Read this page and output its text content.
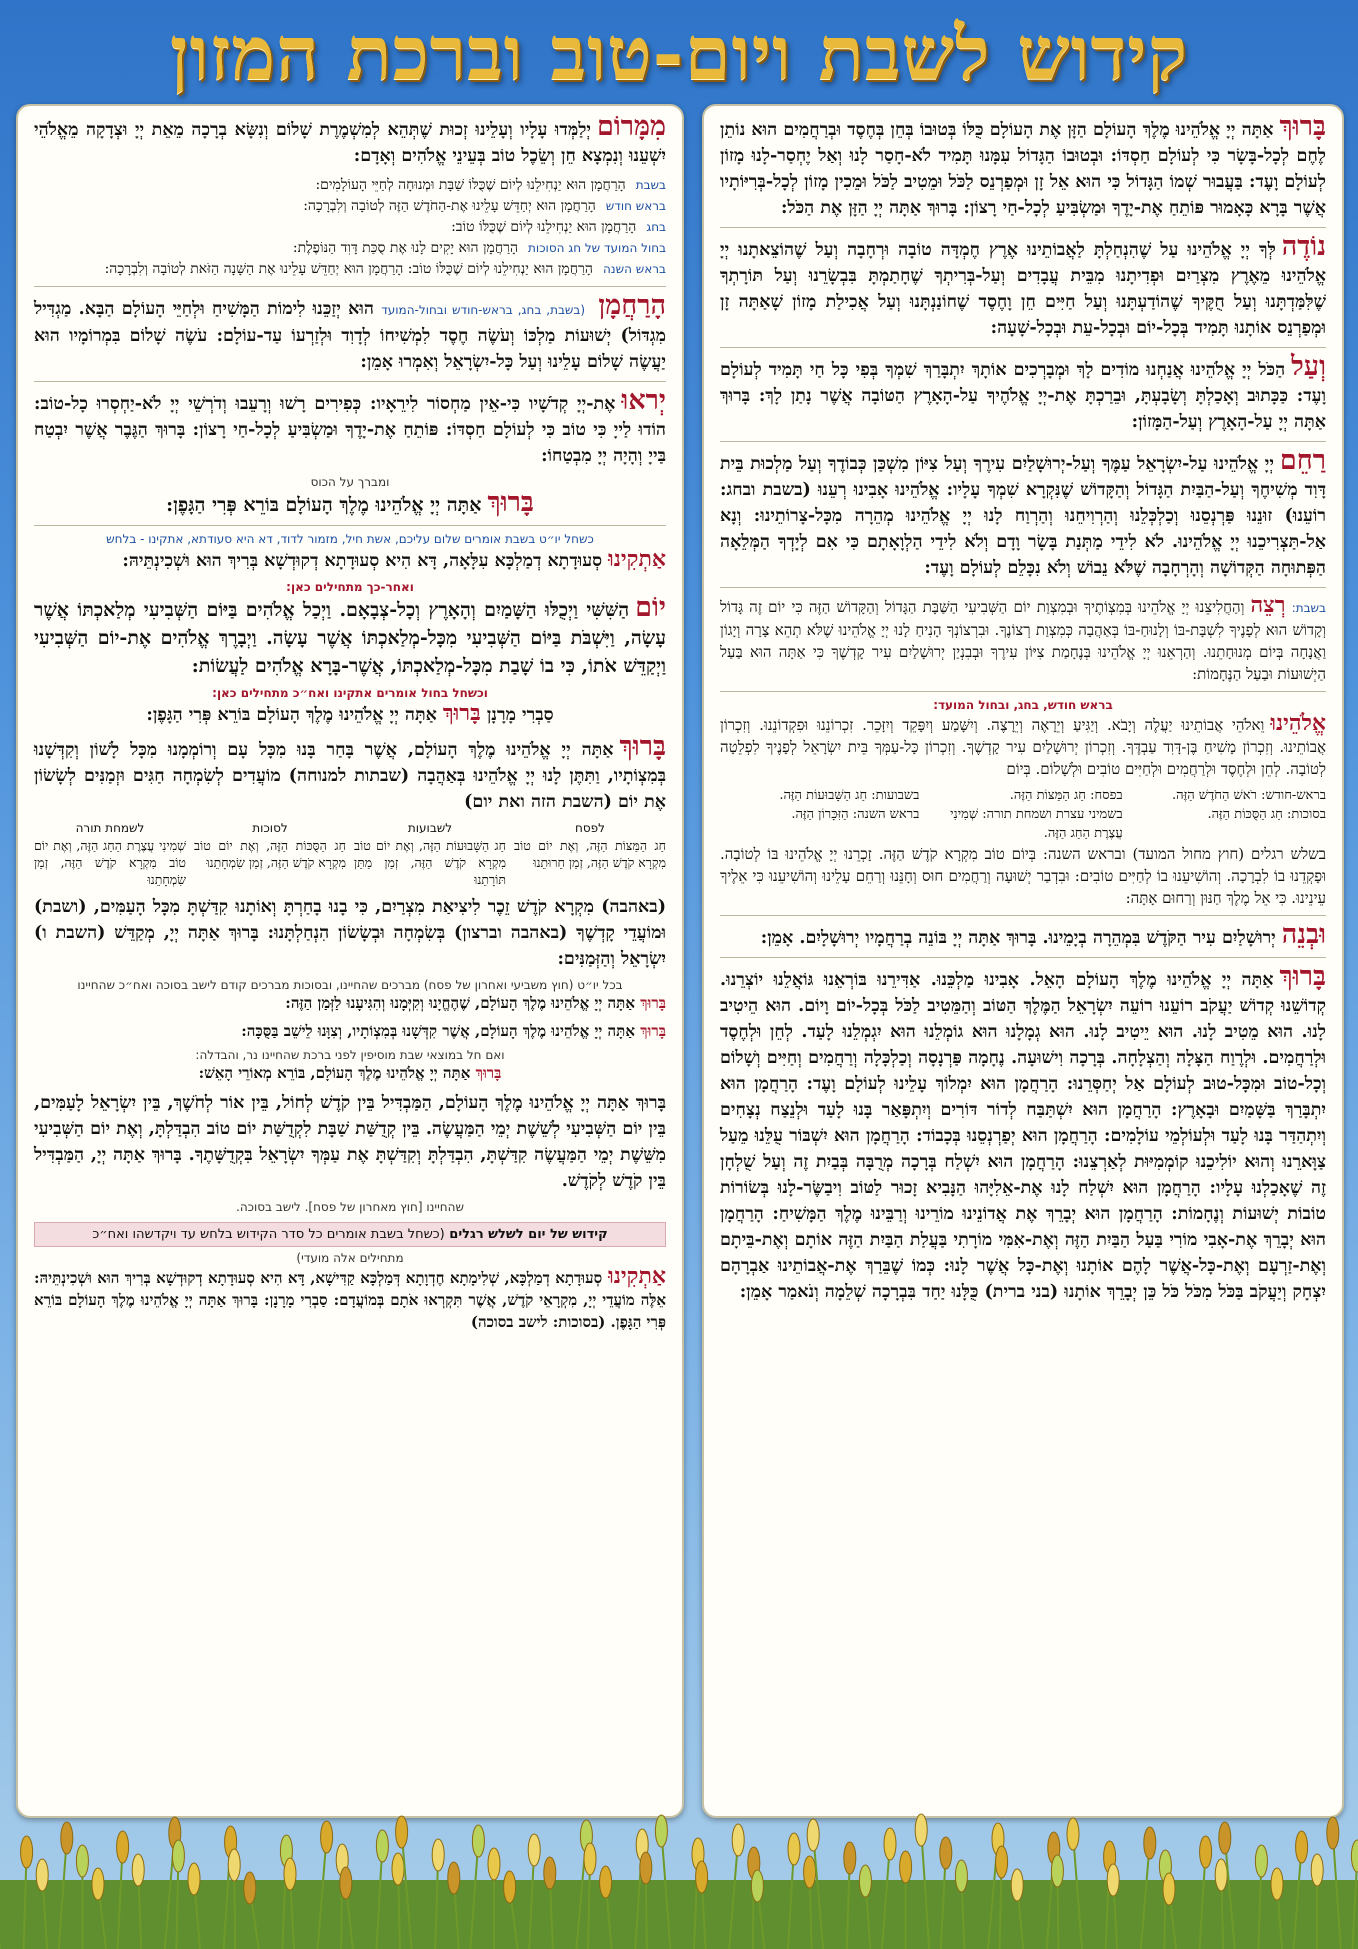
קידוש לשבת ויום-טוב וברכת המזון
בָּרוּךְאַתָּה יְיָ אֱלֹהֵינוּ מֶלֶךְ הָעוֹלָם הַזָּן אֶת הָעוֹלָם כֻּלּוֹ בְּטוּבוֹ בְּחֵן בְּחֶסֶד וּבְרַחֲמִים הוּא נוֹתֵן לֶחֶם לְכָל-בָּשָׂר כִּי לְעוֹלָם חַסְדּוֹ: וּבְטוּבוֹ הַגָּדוֹל עִמָּנוּ תָּמִיד לֹא-חָסַר לָנוּ וְאַל יֶחְסַר-לָנוּ מָזוֹן לְעוֹלָם וָעֶד: בַּעֲבוּר שְׁמוֹ הַגָּדוֹל כִּי הוּא אֵל זָן וּמְפַרְנֵס לַכֹּל וּמֵטִיב לַכֹּל וּמֵכִין מָזוֹן לְכָל-בְּרִיּוֹתָיו אֲשֶׁר בָּרָא כָּאָמוּר פּוֹתֵחַ אֶת-יָדֶךָ וּמַשְׂבִּיעַ לְכָל-חַי רָצוֹן: בָּרוּךְ אַתָּה יְיָ הַזָּן אֶת הַכֹּל:
נוֹדֶהלְּךָ יְיָ אֱלֹהֵינוּ עַל שֶׁהִנְחַלְתָּ לַאֲבוֹתֵינוּ אֶרֶץ חֶמְדָּה טוֹבָה וּרְחָבָה וְעַל שֶׁהוֹצֵאתָנוּ יְיָ אֱלֹהֵינוּ מֵאֶרֶץ מִצְרַיִם וּפְדִיתָנוּ מִבֵּית עֲבָדִים וְעַל-בְּרִיתְךָ שֶׁחָתַמְתָּ בִּבְשָׂרֵנוּ וְעַל תּוֹרָתְךָ שֶׁלִּמַּדְתָּנוּ וְעַל חֻקֶּיךָ שֶׁהוֹדַעְתָּנוּ וְעַל חַיִּים חֵן וָחֶסֶד שֶׁחוֹנַנְתָּנוּ וְעַל אֲכִילַת מָזוֹן שָׁאַתָּה זָן וּמְפַרְנֵס אוֹתָנוּ תָּמִיד בְּכָל-יוֹם וּבְכָל-עֵת וּבְכָל-שָׁעָה:
וְעַלהַכֹּל יְיָ אֱלֹהֵינוּ אֲנַחְנוּ מוֹדִים לָךְ וּמְבָרְכִים אוֹתָךְ יִתְבָּרַךְ שִׁמְךָ בְּפִי כָּל חַי תָּמִיד לְעוֹלָם וָעֶד: כַּכָּתוּב וְאָכַלְתָּ וְשָׂבָעְתָּ, וּבֵרַכְתָּ אֶת-יְיָ אֱלֹהֶיךָ עַל-הָאָרֶץ הַטּוֹבָה אֲשֶׁר נָתַן לָךְ: בָּרוּךְ אַתָּה יְיָ עַל-הָאָרֶץ וְעַל-הַמָּזוֹן:
רַחֵםיְיָ אֱלֹהֵינוּ עַל-יִשְׂרָאֵל עַמֶּךָ וְעַל-יְרוּשָׁלַיִם עִירֶךָ וְעַל צִיּוֹן מִשְׁכַּן כְּבוֹדֶךָ וְעַל מַלְכוּת בֵּית דָּוִד מְשִׁיחֶךָ וְעַל-הַבַּיִת הַגָּדוֹל וְהַקָּדוֹשׁ שֶׁנִּקְרָא שִׁמְךָ עָלָיו: אֱלֹהֵינוּ אָבִינוּ רְעֵנוּ (בשבת ובחג: רוֹעֵנוּ) זוּנֵנוּ פַּרְנְסֵנוּ וְכַלְכְּלֵנוּ וְהַרְוִיחֵנוּ וְהַרְוַח לָנוּ יְיָ אֱלֹהֵינוּ מְהֵרָה מִכָּל-צָרוֹתֵינוּ: וְנָא אַל-תַּצְרִיכֵנוּ יְיָ אֱלֹהֵינוּ. לֹא לִידֵי מַתְּנַת בָּשָׂר וָדָם וְלֹא לִידֵי הַלְוָאָתָם כִּי אִם לְיָדְךָ הַמְּלֵאָה הַפְּתוּחָה הַקְּדוֹשָׁה וְהָרְחָבָה שֶׁלֹּא נֵבוֹשׁ וְלֹא נִכָּלֵם לְעוֹלָם וָעֶד:
בשבת: רְצֵהוְהַחֲלִיצֵנוּ יְיָ אֱלֹהֵינוּ בְּמִצְוֹתֶיךָ וּבְמִצְוַת יוֹם הַשְּׁבִיעִי הַשַּׁבָּת הַגָּדוֹל וְהַקָּדוֹשׁ הַזֶּה כִּי יוֹם זֶה גָּדוֹל וְקָדוֹשׁ הוּא לְפָנֶיךָ לִשְׁבָּת-בּוֹ וְלָנוּחַ-בּוֹ בְּאַהֲבָה כְּמִצְוַת רְצוֹנֶךָ. וּבִרְצוֹנְךָ הָנִיחַ לָנוּ יְיָ אֱלֹהֵינוּ שֶׁלֹּא תְהֵא צָרָה וְיָגוֹן וַאֲנָחָה בְּיוֹם מְנוּחָתֵנוּ. וְהַרְאֵנוּ יְיָ אֱלֹהֵינוּ בְּנֶחָמַת צִיּוֹן עִירֶךָ וּבְבִנְיַן יְרוּשָׁלַיִם עִיר קָדְשֶׁךָ כִּי אַתָּה הוּא בַּעַל הַיְשׁוּעוֹת וּבַעַל הַנֶּחָמוֹת:
בראש חודש, בחג, ובחול המועד:
אֱלֹהֵינוּוֵאלֹהֵי אֲבוֹתֵינוּ יַעֲלֶה וְיָבֹא. וְיַגִּיעַ וְיֵרָאֶה וְיֵרָצֶה. וְיִשָּׁמַע וְיִפָּקֵד וְיִזָּכֵר. זִכְרוֹנֵנוּ וּפִקְדוֹנֵנוּ. וְזִכְרוֹן אֲבוֹתֵינוּ. וְזִכְרוֹן מָשִׁיחַ בֶּן-דָּוִד עַבְדֶּךָ. וְזִכְרוֹן יְרוּשָׁלַיִם עִיר קָדְשֶׁךָ. וְזִכְרוֹן כָּל-עַמְּךָ בֵּית יִשְׂרָאֵל לְפָנֶיךָ לִפְלֵטָה לְטוֹבָה. לְחֵן וּלְחֶסֶד וּלְרַחֲמִים וּלְחַיִּים טוֹבִים וּלְשָׁלוֹם. בְּיוֹם
בראש-חודש: רֹאשׁ הַחֹדֶשׁ הַזֶּה.
בפסח: חַג הַמַּצּוֹת הַזֶּה.
בשבועות: חַג הַשָּׁבוּעוֹת הַזֶּה.
בסוכות: חַג הַסֻּכּוֹת הַזֶּה.
בשמיני עצרת ושמחת תורה: שְׁמִינִי עֲצֶרֶת הַחַג הַזֶּה.
בראש השנה: הַזִּכָּרוֹן הַזֶּה.
בשלש רגלים (חוץ מחול המועד) ובראש השנה: בְּיוֹם טוֹב מִקְרָא קֹדֶשׁ הַזֶּה. זָכְרֵנוּ יְיָ אֱלֹהֵינוּ בּוֹ לְטוֹבָה. וּפָקְדֵנוּ בוֹ לִבְרָכָה. וְהוֹשִׁיעֵנוּ בוֹ לְחַיִּים טוֹבִים: וּבִדְבַר יְשׁוּעָה וְרַחֲמִים חוּס וְחָנֵּנוּ וְרַחֵם עָלֵינוּ וְהוֹשִׁיעֵנוּ כִּי אֵלֶיךָ עֵינֵינוּ. כִּי אֵל מֶלֶךְ חַנּוּן וְרַחוּם אָתָּה:
וּבְנֵהיְרוּשָׁלַיִם עִיר הַקֹּדֶשׁ בִּמְהֵרָה בְיָמֵינוּ. בָּרוּךְ אַתָּה יְיָ בּוֹנֵה בְרַחֲמָיו יְרוּשָׁלָיִם. אָמֵן:
בָּרוּךְאַתָּה יְיָ אֱלֹהֵינוּ מֶלֶךְ הָעוֹלָם הָאֵל. אָבִינוּ מַלְכֵּנוּ. אַדִּירֵנוּ בּוֹרְאֵנוּ גּוֹאֲלֵנוּ יוֹצְרֵנוּ. קְדוֹשֵׁנוּ קְדוֹשׁ יַעֲקֹב רוֹעֵנוּ רוֹעֵה יִשְׂרָאֵל הַמֶּלֶךְ הַטּוֹב וְהַמֵּטִיב לַכֹּל בְּכָל-יוֹם וָיוֹם. הוּא הֵיטִיב לָנוּ. הוּא מֵטִיב לָנוּ. הוּא יֵיטִיב לָנוּ. הוּא גְמָלָנוּ הוּא גוֹמְלֵנוּ הוּא יִגְמְלֵנוּ לָעַד. לְחֵן וּלְחֶסֶד וּלְרַחֲמִים. וּלְרֶוַח הַצָּלָה וְהַצְלָחָה. בְּרָכָה וִישׁוּעָה. נֶחָמָה פַּרְנָסָה וְכַלְכָּלָה וְרַחֲמִים וְחַיִּים וְשָׁלוֹם וְכָל-טוֹב וּמִכָּל-טוּב לְעוֹלָם אַל יְחַסְּרֵנוּ: הָרַחֲמָן הוּא יִמְלוֹךְ עָלֵינוּ לְעוֹלָם וָעֶד: הָרַחֲמָן הוּא יִתְבָּרַךְ בַּשָּׁמַיִם וּבָאָרֶץ: הָרַחֲמָן הוּא יִשְׁתַּבַּח לְדוֹר דּוֹרִים וְיִתְפָּאַר בָּנוּ לָעַד וּלְנֵצַח נְצָחִים וְיִתְהַדַּר בָּנוּ לָעַד וּלְעוֹלְמֵי עוֹלָמִים: הָרַחֲמָן הוּא יְפַרְנְסֵנוּ בְּכָבוֹד: הָרַחֲמָן הוּא יִשְׁבּוֹר עֻלֵּנוּ מֵעַל צַוָּארֵנוּ וְהוּא יוֹלִיכֵנוּ קוֹמְמִיּוּת לְאַרְצֵנוּ: הָרַחֲמָן הוּא יִשְׁלַח בְּרָכָה מְרֻבָּה בְּבַיִת זֶה וְעַל שֻׁלְחָן זֶה שֶׁאָכַלְנוּ עָלָיו: הָרַחֲמָן הוּא יִשְׁלַח לָנוּ אֶת-אֵלִיָּהוּ הַנָּבִיא זָכוּר לַטּוֹב וִיבַשֶּׂר-לָנוּ בְּשׂוֹרוֹת טוֹבוֹת יְשׁוּעוֹת וְנֶחָמוֹת: הָרַחֲמָן הוּא יְבָרֵךְ אֶת אֲדוֹנֵינוּ מוֹרֵינוּ וְרַבֵּינוּ מֶלֶךְ הַמָּשִׁיחַ: הָרַחֲמָן הוּא יְבָרֵךְ אֶת-אָבִי מוֹרִי בַּעַל הַבַּיִת הַזֶּה וְאֶת-אִמִּי מוֹרָתִי בַּעֲלַת הַבַּיִת הַזֶּה אוֹתָם וְאֶת-בֵּיתָם וְאֶת-זַרְעָם וְאֶת-כָּל-אֲשֶׁר לָהֶם אוֹתָנוּ וְאֶת-כָּל אֲשֶׁר לָנוּ: כְּמוֹ שֶׁבֵּרַךְ אֶת-אֲבוֹתֵינוּ אַבְרָהָם יִצְחָק וְיַעֲקֹב בַּכֹּל מִכֹּל כֹּל כֵּן יְבָרֵךְ אוֹתָנוּ (בני ברית) כֻּלָּנוּ יַחַד בִּבְרָכָה שְׁלֵמָה וְנֹאמַר אָמֵן:
מִמָּרוֹםיְלַמְּדוּ עָלָיו וְעָלֵינוּ זְכוּת שֶׁתְּהֵא לְמִשְׁמֶרֶת שָׁלוֹם וְנִשָּׂא בְרָכָה מֵאֵת יְיָ וּצְדָקָה מֵאֱלֹהֵי יִשְׁעֵנוּ וְנִמְצָא חֵן וְשֵׂכֶל טוֹב בְּעֵינֵי אֱלֹהִים וְאָדָם:
בשבת
הָרַחֲמָן הוּא יַנְחִילֵנוּ לְיוֹם שֶׁכֻּלּוֹ שַׁבָּת וּמְנוּחָה לְחַיֵּי הָעוֹלָמִים:
בראש חודש
הָרַחֲמָן הוּא יְחַדֵּשׁ עָלֵינוּ אֶת-הַחֹדֶשׁ הַזֶּה לְטוֹבָה וְלִבְרָכָה:
בחג
הָרַחֲמָן הוּא יַנְחִילֵנוּ לְיוֹם שֶׁכֻּלּוֹ טוֹב:
בחול המועד של חג הסוכות
הָרַחֲמָן הוּא יָקִים לָנוּ אֶת סֻכַּת דָּוִד הַנּוֹפֶלֶת:
בראש השנה
הָרַחֲמָן הוּא יַנְחִילֵנוּ לְיוֹם שֶׁכֻּלּוֹ טוֹב: הָרַחֲמָן הוּא יְחַדֵּשׁ עָלֵינוּ אֶת הַשָּׁנָה הַזֹּאת לְטוֹבָה וְלִבְרָכָה:
הָרַחֲמָן (בשבת, בחג, בראש-חודש ובחול-המועד הוּא יְזַכֵּנוּ לִימוֹת הַמָּשִׁיחַ וּלְחַיֵּי הָעוֹלָם הַבָּא. מַגְדִּיל מִגְדּוֹל) יְשׁוּעוֹת מַלְכּוֹ וְעֹשֶׂה חֶסֶד לִמְשִׁיחוֹ לְדָוִד וּלְזַרְעוֹ עַד-עוֹלָם: עֹשֶׂה שָׁלוֹם בִּמְרוֹמָיו הוּא יַעֲשֶׂה שָׁלוֹם עָלֵינוּ וְעַל כָּל-יִשְׂרָאֵל וְאִמְרוּ אָמֵן:
יְראוּאֶת-יְיָ קְדֹשָׁיו כִּי-אֵין מַחְסוֹר לִירֵאָיו: כְּפִירִים רָשׁוּ וְרָעֵבוּ וְדֹרְשֵׁי יְיָ לֹא-יַחְסְרוּ כָל-טוֹב: הוֹדוּ לַייָ כִּי טוֹב כִּי לְעוֹלָם חַסְדּוֹ: פּוֹתֵחַ אֶת-יָדֶךָ וּמַשְׂבִּיעַ לְכָל-חַי רָצוֹן: בָּרוּךְ הַגֶּבֶר אֲשֶׁר יִבְטַח בַּייָ וְהָיָה יְיָ מִבְטַחוֹ:
ומברך על הכוס
בָּרוּךְאַתָּה יְיָ אֱלֹהֵינוּ מֶלֶךְ הָעוֹלָם בּוֹרֵא פְּרִי הַגָּפֶן:
כשחל יו״ט בשבת אומרים שלום עליכם, אשת חיל, מזמור לדוד, דא היא סעודתא, אתקינו - בלחש
אַתְקִינוּסְעוּדָתָא דְמַלְכָּא עִלָּאָה, דָּא הִיא סְעוּדָתָא דְקוּדְשָׁא בְּרִיךְ הוּא וּשְׁכִינְתֵּיהּ:
ואחר-כך מתחילים כאן:
יוֹםהַשִּׁשִּׁי וַיְכֻלּוּ הַשָּׁמַיִם וְהָאָרֶץ וְכָל-צְבָאָם. וַיְכַל אֱלֹהִים בַּיּוֹם הַשְּׁבִיעִי מְלַאכְתּוֹ אֲשֶׁר עָשָׂה, וַיִּשְׁבֹּת בַּיּוֹם הַשְּׁבִיעִי מִכָּל-מְלַאכְתּוֹ אֲשֶׁר עָשָׂה. וַיְבָרֶךְ אֱלֹהִים אֶת-יוֹם הַשְּׁבִיעִי וַיְקַדֵּשׁ אֹתוֹ, כִּי בוֹ שָׁבַת מִכָּל-מְלַאכְתּוֹ, אֲשֶׁר-בָּרָא אֱלֹהִים לַעֲשׂוֹת:
וכשחל בחול אומרים אתקינו ואח״כ מתחילים כאן:
סַבְרִי מָרָנָן בָּרוּךְאַתָּה יְיָ אֱלֹהֵינוּ מֶלֶךְ הָעוֹלָם בּוֹרֵא פְּרִי הַגָּפֶן:
בָּרוּךְאַתָּה יְיָ אֱלֹהֵינוּ מֶלֶךְ הָעוֹלָם, אֲשֶׁר בָּחַר בָּנוּ מִכָּל עָם וְרוֹמְמָנוּ מִכָּל לָשׁוֹן וְקִדְּשָׁנוּ בְּמִצְוֹתָיו, וַתִּתֶּן לָנוּ יְיָ אֱלֹהֵינוּ בְּאַהֲבָה (שבתות למנוחה) מוֹעֲדִים לְשִׂמְחָה חַגִּים וּזְמַנִּים לְשָׂשׂוֹן אֶת יוֹם (השבת הזה ואת יום)
לפסח
חַג הַמַּצּוֹת הַזֶּה, וְאֶת יוֹם טוֹב מִקְרָא קֹדֶשׁ הַזֶּה, זְמַן חֵרוּתֵנוּ
לשבועות
חַג הַשָּׁבוּעוֹת הַזֶּה, וְאֶת יוֹם טוֹב מִקְרָא קֹדֶשׁ הַזֶּה, זְמַן מַתַּן תּוֹרָתֵנוּ
לסוכות
חַג הַסֻּכּוֹת הַזֶּה, וְאֶת יוֹם טוֹב מִקְרָא קֹדֶשׁ הַזֶּה, זְמַן שִׂמְחָתֵנוּ
לשמחת תורה
שְׁמִינִי עֲצֶרֶת הַחַג הַזֶּה, וְאֶת יוֹם טוֹב מִקְרָא קֹדֶשׁ הַזֶּה, זְמַן שִׂמְחָתֵנוּ
(באהבה) מִקְרָא קֹדֶשׁ זֵכֶר לִיצִיאַת מִצְרַיִם, כִּי בָנוּ בָחַרְתָּ וְאוֹתָנוּ קִדַּשְׁתָּ מִכָּל הָעַמִּים, (ושבת) וּמוֹעֲדֵי קָדְשֶׁךָ (באהבה וברצון) בְּשִׂמְחָה וּבְשָׂשׂוֹן הִנְחַלְתָּנוּ: בָּרוּךְ אַתָּה יְיָ, מְקַדֵּשׁ (השבת ו) יִשְׂרָאֵל וְהַזְּמַנִּים:
בכל יו״ט (חוץ משביעי ואחרון של פסח) מברכים שהחיינו, ובסוכות מברכים קודם לישב בסוכה ואח״כ שהחיינו
בָּרוּךְ אַתָּה יְיָ אֱלֹהֵינוּ מֶלֶךְ הָעוֹלָם, שֶׁהֶחֱיָנוּ וְקִיְּמָנוּ וְהִגִּיעָנוּ לַזְּמַן הַזֶּה:
בָּרוּךְ אַתָּה יְיָ אֱלֹהֵינוּ מֶלֶךְ הָעוֹלָם, אֲשֶׁר קִדְּשָׁנוּ בְּמִצְוֹתָיו, וְצִוָּנוּ לֵישֵׁב בַּסֻּכָּה:
ואם חל במוצאי שבת מוסיפין לפני ברכת שהחיינו נר, והבדלה:
בָּרוּךְ אַתָּה יְיָ אֱלֹהֵינוּ מֶלֶךְ הָעוֹלָם, בּוֹרֵא מְאוֹרֵי הָאֵשׁ:
בָּרוּךְ אַתָּה יְיָ אֱלֹהֵינוּ מֶלֶךְ הָעוֹלָם, הַמַּבְדִּיל בֵּין קֹדֶשׁ לְחוֹל, בֵּין אוֹר לְחֹשֶׁךְ, בֵּין יִשְׂרָאֵל לָעַמִּים, בֵּין יוֹם הַשְּׁבִיעִי לְשֵׁשֶׁת יְמֵי הַמַּעֲשֶׂה. בֵּין קְדֻשַּׁת שַׁבָּת לִקְדֻשַּׁת יוֹם טוֹב הִבְדַּלְתָּ, וְאֶת יוֹם הַשְּׁבִיעִי מִשֵּׁשֶׁת יְמֵי הַמַּעֲשֶׂה קִדַּשְׁתָּ, הִבְדַּלְתָּ וְקִדַּשְׁתָּ אֶת עַמְּךָ יִשְׂרָאֵל בִּקְדֻשָּׁתֶךָ. בָּרוּךְ אַתָּה יְיָ, הַמַּבְדִּיל בֵּין קֹדֶשׁ לְקֹדֶשׁ.
שהחיינו [חוץ מאחרון של פסח]. לישב בסוכה.
קידוש של יום לשלש רגלים (כשחל בשבת אומרים כל סדר הקידוש בלחש עד ויקדשהו ואח״כ
מתחילים אלה מועדי)
אַתְקִינוּסְעוּדָתָא דְמַלְכָּא, שְׁלִימָתָא חֶדְוָתָא דְּמַלְכָּא קַדִּישָׁא, דָּא הִיא סְעוּדָתָא דְקוּדְשָׁא בְּרִיךְ הוּא וּשְׁכִינְתֵּיהּ: אֵלֶּה מוֹעֲדֵי יְיָ, מִקְרָאֵי קֹדֶשׁ, אֲשֶׁר תִּקְרְאוּ אֹתָם בְּמוֹעֲדָם: סַבְרִי מָרָנָן: בָּרוּךְ אַתָּה יְיָ אֱלֹהֵינוּ מֶלֶךְ הָעוֹלָם בּוֹרֵא פְּרִי הַגָּפֶן. (בסוכות: לישב בסוכה)
